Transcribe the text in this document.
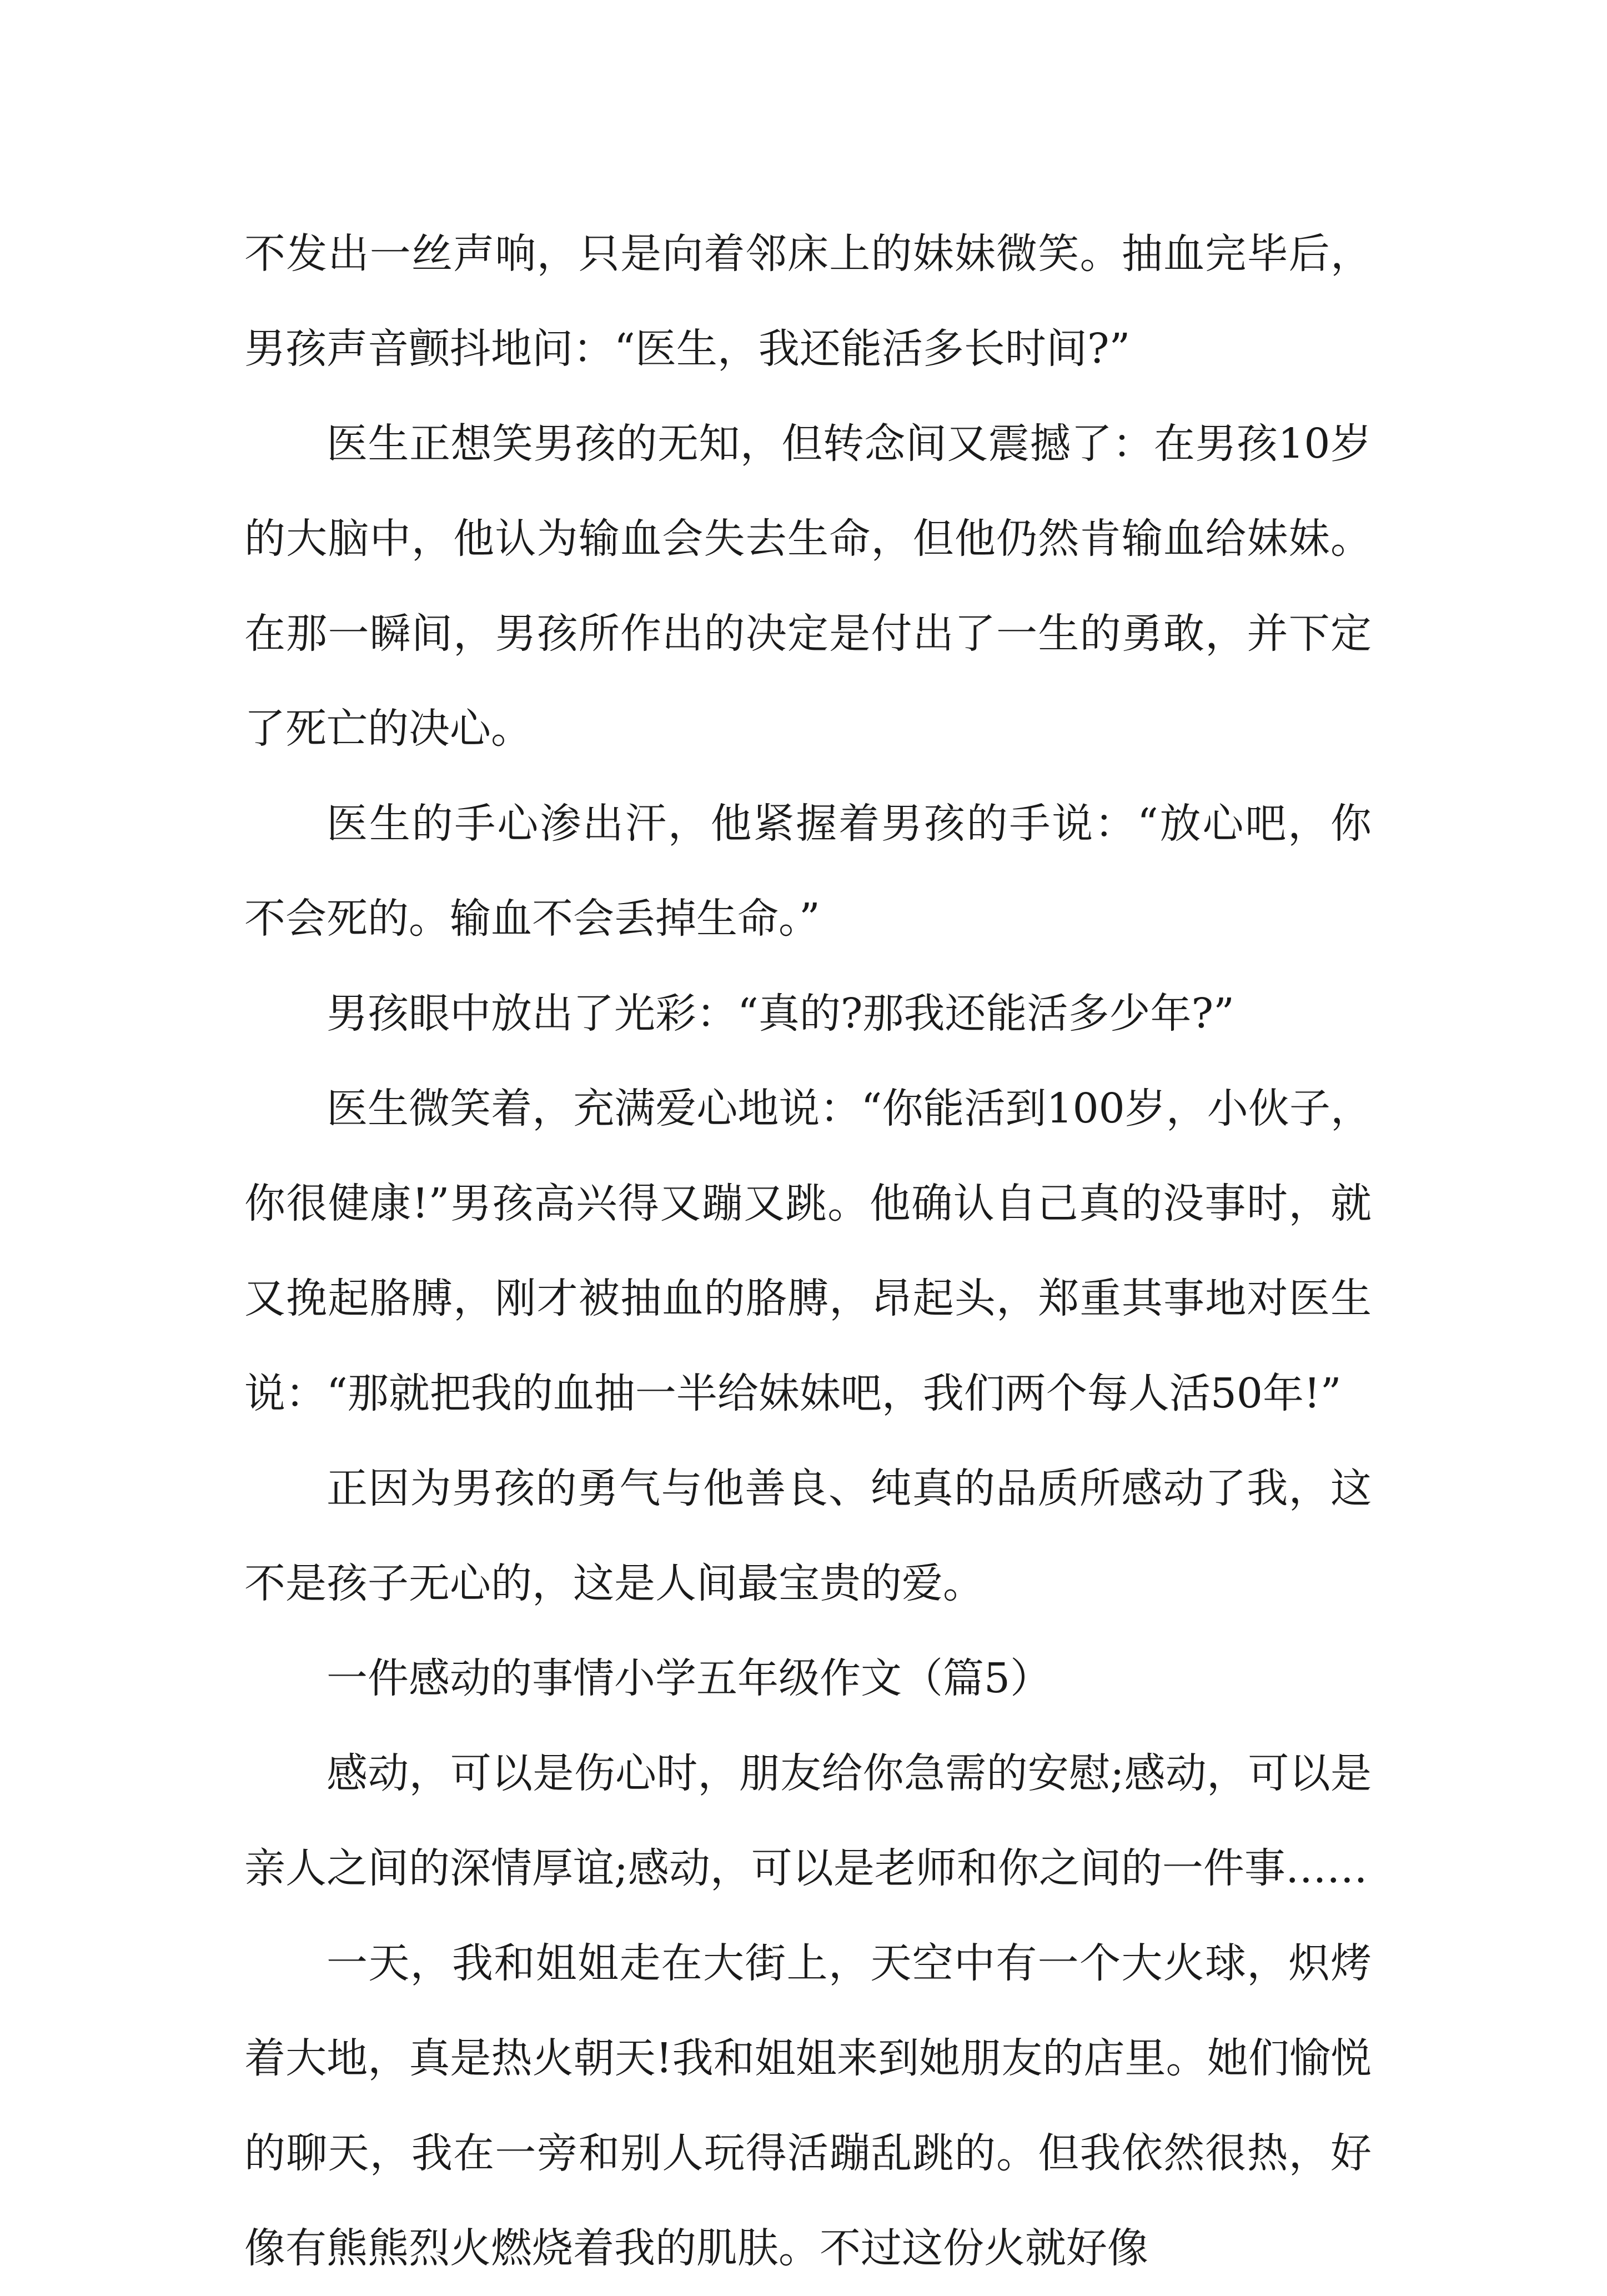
不发出一丝声响，只是向着邻床上的妹妹微笑。抽血完毕后，男孩声音颤抖地问：“医生，我还能活多长时间?”

医生正想笑男孩的无知，但转念间又震撼了：在男孩10岁的大脑中，他认为输血会失去生命，但他仍然肯输血给妹妹。在那一瞬间，男孩所作出的决定是付出了一生的勇敢，并下定了死亡的决心。

医生的手心渗出汗，他紧握着男孩的手说：“放心吧，你不会死的。输血不会丢掉生命。”

男孩眼中放出了光彩：“真的?那我还能活多少年?”

医生微笑着，充满爱心地说：“你能活到100岁，小伙子，你很健康!”男孩高兴得又蹦又跳。他确认自己真的没事时，就又挽起胳膊，刚才被抽血的胳膊，昂起头，郑重其事地对医生说：“那就把我的血抽一半给妹妹吧，我们两个每人活50年!”

正因为男孩的勇气与他善良、纯真的品质所感动了我，这不是孩子无心的，这是人间最宝贵的爱。

一件感动的事情小学五年级作文（篇5）

感动，可以是伤心时，朋友给你急需的安慰;感动，可以是亲人之间的深情厚谊;感动，可以是老师和你之间的一件事……

一天，我和姐姐走在大街上，天空中有一个大火球，炽烤着大地，真是热火朝天!我和姐姐来到她朋友的店里。她们愉悦的聊天，我在一旁和别人玩得活蹦乱跳的。但我依然很热，好像有熊熊烈火燃烧着我的肌肤。不过这份火就好像
